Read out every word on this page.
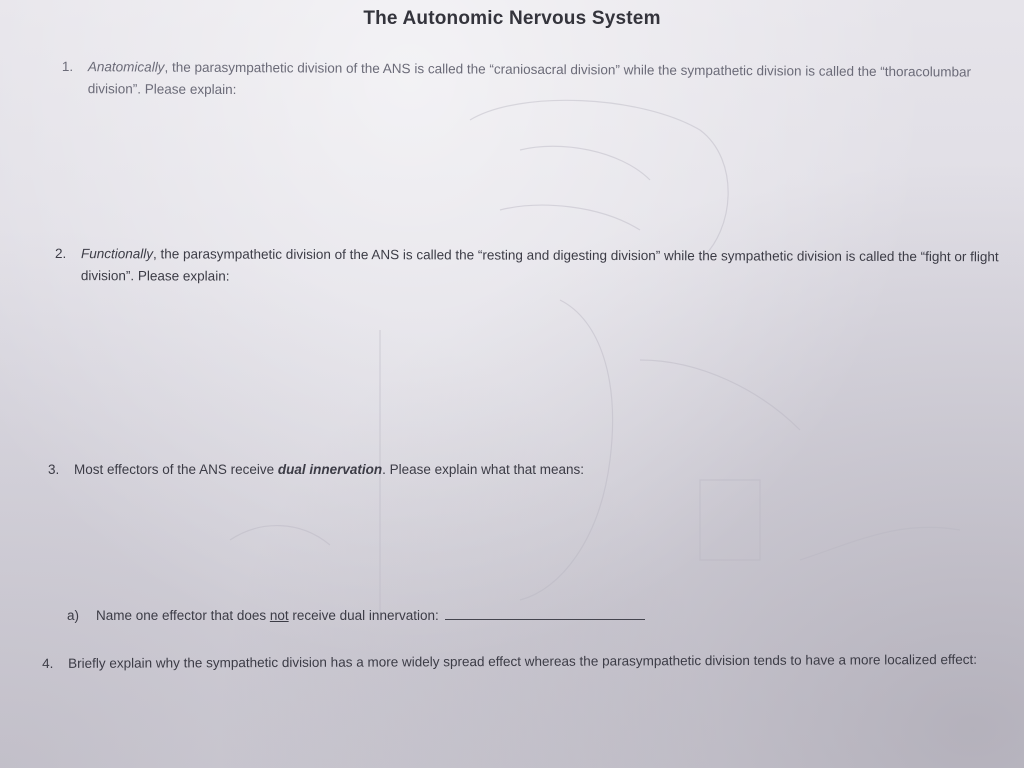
The Autonomic Nervous System
1. Anatomically, the parasympathetic division of the ANS is called the “craniosacral division” while the sympathetic division is called the “thoracolumbar division”. Please explain:
2. Functionally, the parasympathetic division of the ANS is called the “resting and digesting division” while the sympathetic division is called the “fight or flight division”. Please explain:
3. Most effectors of the ANS receive dual innervation. Please explain what that means:
a) Name one effector that does not receive dual innervation:
4. Briefly explain why the sympathetic division has a more widely spread effect whereas the parasympathetic division tends to have a more localized effect:
